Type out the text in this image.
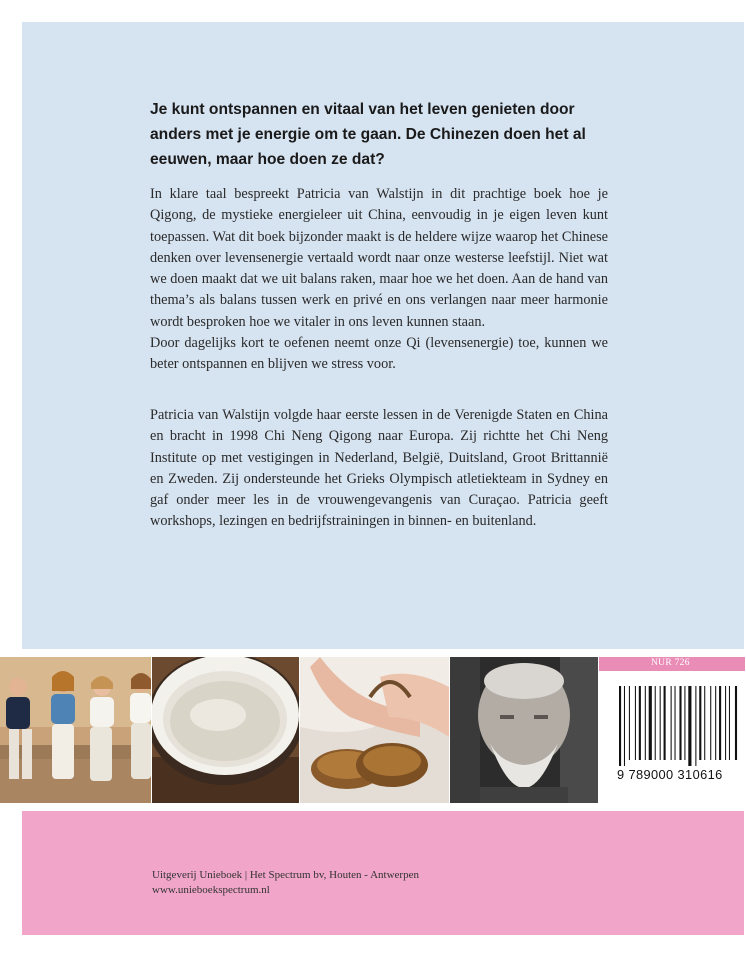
Je kunt ontspannen en vitaal van het leven genieten door anders met je energie om te gaan. De Chinezen doen het al eeuwen, maar hoe doen ze dat?

In klare taal bespreekt Patricia van Walstijn in dit prachtige boek hoe je Qigong, de mystieke energieleer uit China, eenvoudig in je eigen leven kunt toepassen. Wat dit boek bijzonder maakt is de heldere wijze waarop het Chinese denken over levensenergie vertaald wordt naar onze westerse leefstijl. Niet wat we doen maakt dat we uit balans raken, maar hoe we het doen. Aan de hand van thema’s als balans tussen werk en privé en ons verlangen naar meer harmonie wordt besproken hoe we vitaler in ons leven kunnen staan.

Door dagelijks kort te oefenen neemt onze Qi (levensenergie) toe, kunnen we beter ontspannen en blijven we stress voor.

Patricia van Walstijn volgde haar eerste lessen in de Verenigde Staten en China en bracht in 1998 Chi Neng Qigong naar Europa. Zij richtte het Chi Neng Institute op met vestigingen in Nederland, België, Duitsland, Groot Brittannië en Zweden. Zij ondersteunde het Grieks Olympisch atletiekteam in Sydney en gaf onder meer les in de vrouwengevangenis van Curaçao. Patricia geeft workshops, lezingen en bedrijfstrainingen in binnen- en buitenland.

NUR 726
9 789000 310616
Uitgeverij Unieboek | Het Spectrum bv, Houten - Antwerpen
www.unieboekspectrum.nl
